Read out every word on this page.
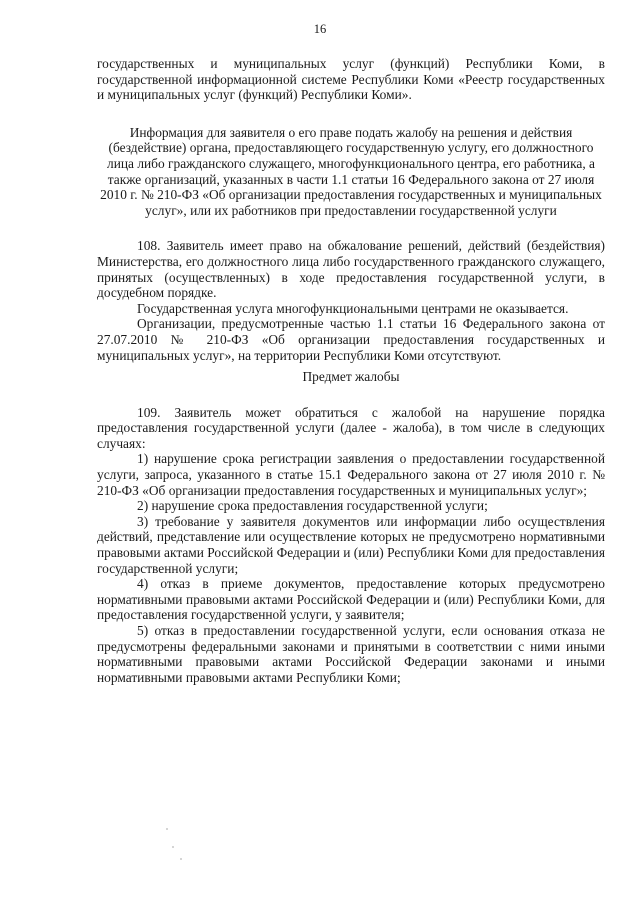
16

государственных и муниципальных услуг (функций) Республики Коми, в государственной информационной системе Республики Коми «Реестр государственных и муниципальных услуг (функций) Республики Коми».

Информация для заявителя о его праве подать жалобу на решения и действия (бездействие) органа, предоставляющего государственную услугу, его должностного лица либо гражданского служащего, многофункционального центра, его работника, а также организаций, указанных в части 1.1 статьи 16 Федерального закона от 27 июля 2010 г. № 210-ФЗ «Об организации предоставления государственных и муниципальных услуг», или их работников при предоставлении государственной услуги

108. Заявитель имеет право на обжалование решений, действий (бездействия) Министерства, его должностного лица либо государственного гражданского служащего, принятых (осуществленных) в ходе предоставления государственной услуги, в досудебном порядке.

Государственная услуга многофункциональными центрами не оказывается.

Организации, предусмотренные частью 1.1 статьи 16 Федерального закона от 27.07.2010 № 210-ФЗ «Об организации предоставления государственных и муниципальных услуг», на территории Республики Коми отсутствуют.

Предмет жалобы

109. Заявитель может обратиться с жалобой на нарушение порядка предоставления государственной услуги (далее - жалоба), в том числе в следующих случаях:

1) нарушение срока регистрации заявления о предоставлении государственной услуги, запроса, указанного в статье 15.1 Федерального закона от 27 июля 2010 г. № 210-ФЗ «Об организации предоставления государственных и муниципальных услуг»;

2) нарушение срока предоставления государственной услуги;

3) требование у заявителя документов или информации либо осуществления действий, представление или осуществление которых не предусмотрено нормативными правовыми актами Российской Федерации и (или) Республики Коми для предоставления государственной услуги;

4) отказ в приеме документов, предоставление которых предусмотрено нормативными правовыми актами Российской Федерации и (или) Республики Коми, для предоставления государственной услуги, у заявителя;

5) отказ в предоставлении государственной услуги, если основания отказа не предусмотрены федеральными законами и принятыми в соответствии с ними иными нормативными правовыми актами Российской Федерации законами и иными нормативными правовыми актами Республики Коми;
